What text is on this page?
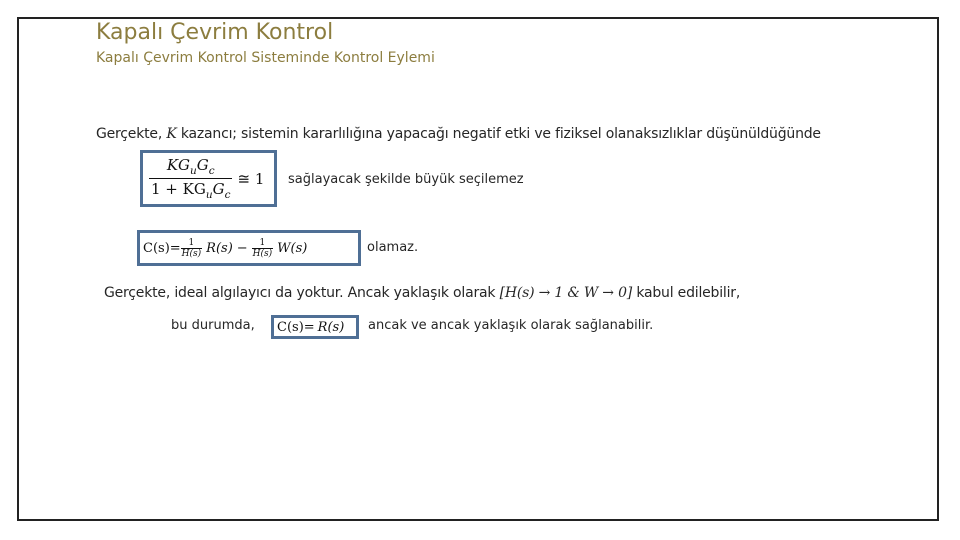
Kapalı Çevrim Kontrol
Kapalı Çevrim Kontrol Sisteminde Kontrol Eylemi
Gerçekte, K kazancı; sistemin kararlılığına yapacağı negatif etki ve fiziksel olanaksızlıklar düşünüldüğünde
$\frac{KG_uG_c}{1 + KG_uG_c}$ ≅ 1 sağlayacak şekilde büyük seçilemez
$C(s)= \frac{1}{H(s)} R(s) - \frac{1}{H(s)} W(s)$	olamaz.
Gerçekte, ideal algılayıcı da yoktur. Ancak yaklaşık olarak [H(s) → 1 & W → 0] kabul edilebilir,
bu durumda, C(s)= R(s) ancak ve ancak yaklaşık olarak sağlanabilir.
